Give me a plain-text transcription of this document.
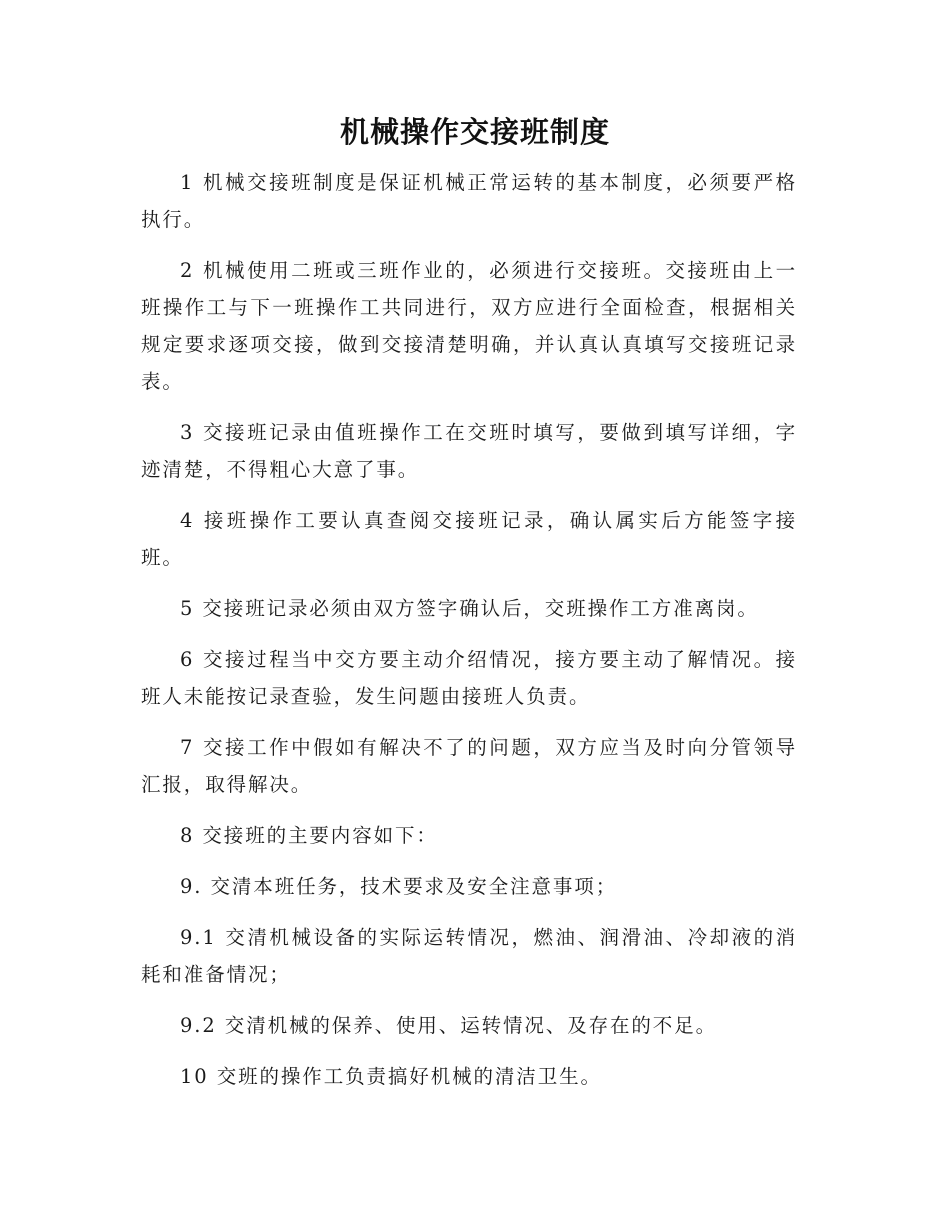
机械操作交接班制度

1 机械交接班制度是保证机械正常运转的基本制度，必须要严格执行。

2 机械使用二班或三班作业的，必须进行交接班。交接班由上一班操作工与下一班操作工共同进行，双方应进行全面检查，根据相关规定要求逐项交接，做到交接清楚明确，并认真认真填写交接班记录表。

3 交接班记录由值班操作工在交班时填写，要做到填写详细，字迹清楚，不得粗心大意了事。

4 接班操作工要认真查阅交接班记录，确认属实后方能签字接班。

5 交接班记录必须由双方签字确认后，交班操作工方准离岗。

6 交接过程当中交方要主动介绍情况，接方要主动了解情况。接班人未能按记录查验，发生问题由接班人负责。

7 交接工作中假如有解决不了的问题，双方应当及时向分管领导汇报，取得解决。

8 交接班的主要内容如下：

9. 交清本班任务，技术要求及安全注意事项；

9.1 交清机械设备的实际运转情况，燃油、润滑油、冷却液的消耗和准备情况；

9.2 交清机械的保养、使用、运转情况、及存在的不足。

10 交班的操作工负责搞好机械的清洁卫生。
